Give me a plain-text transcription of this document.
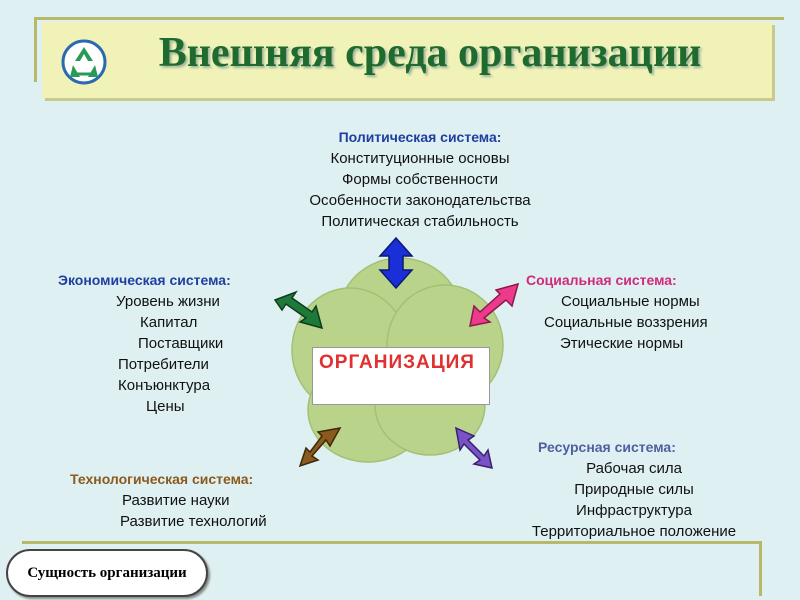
Внешняя среда организации
ОРГАНИЗАЦИЯ
Политическая система:
Конституционные основы
Формы собственности
Особенности законодательства
Политическая стабильность
Экономическая система:
Уровень жизни
Капитал
Поставщики
Потребители
Конъюнктура
Цены
Социальная система:
Социальные нормы
Социальные воззрения
Этические нормы
Ресурсная система:
Рабочая сила
Природные силы
Инфраструктура
Территориальное положение
Технологическая система:
Развитие науки
Развитие технологий
Сущность организации
